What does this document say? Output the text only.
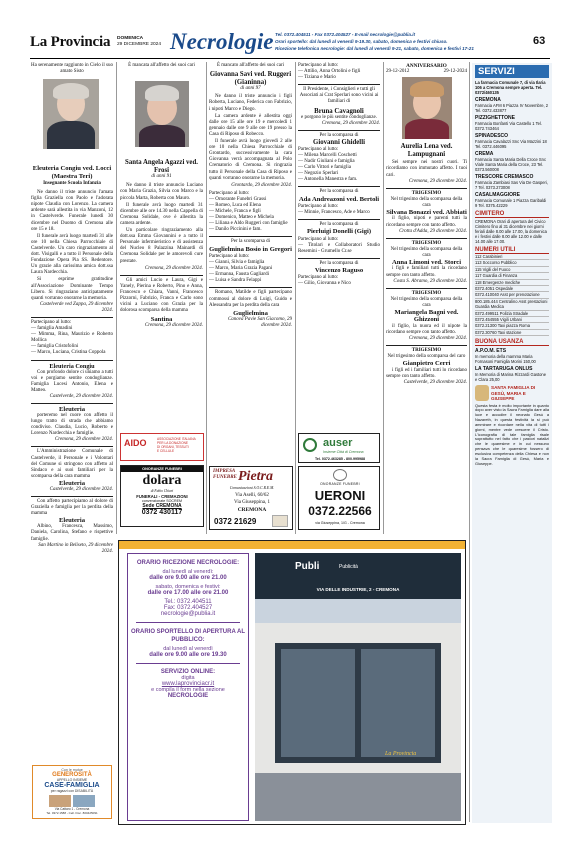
La Provincia DOMENICA
29 DICEMBRE 2024 Necrologie Tel. 0372.404511 - Fax 0372.404527 - E-mail necrologie@publia.it
Orari sportello: dal lunedì al venerdì 9-19.30, sabato, domenica e festivi chiuso.
Ricezione telefonica necrologie: dal lunedì al venerdì 9-21, sabato, domenica e festivi 17-21
63
Ha serenamente raggiunto in Cielo il suo amato Sisto
Eleuteria Congiu ved. Locci (Maestra Teri)
Insegnante Scuola Infanzia
Ne danno il triste annuncio l'amata figlia Graziella con Paolo e l'adorata nipote Claudia con Lorenzo. La camera ardente sarà allestita in via Manzoni, 12 in Castelverde. Funerale lunedì 30 dicembre nel Duomo di Cremona alle ore 15 e 18.
Il funerale avrà luogo martedì 31 alle ore 10 nella Chiesa Parrocchiale di Castelverde. Un caro ringraziamento al dott. Visigalli e a tutto il Personale della Fondazione Opera Pia SS. Redentore. Un grazie alla carissima amica dott.ssa Laura Nardecchia.
Si esprime gratitudine all'Associazione Dominante Tempo Libero. Si ringraziano anticipatamente quanti vorranno onorarne la memoria.
Castelverde ved Zappa, 29 dicembre 2024.
Partecipano al lutto:
— famiglia Amadini
— Mimma, Rina, Maurizio e Roberto Mollica
— famiglia Cristofolini
— Marco, Luciana, Cristina Coppola
Eleuteria Congiu
Con profondo dolore ci uniamo a tutti voi e porgiamo sentite condoglianze. Famiglia Lucesi Antonio, Elena e Matteo.
Castelverde, 29 dicembre 2024.
Eleuteria
porteremo nel cuore con affetto il lungo tratto di strada che abbiamo condiviso. Claudia, Lucio, Roberto e Lorenzo Nardecchia e famiglie.
Cremona, 29 dicembre 2024.
L'Amministrazione Comunale di Castelverde, il Personale e i Volontari del Comune si stringono con affetto al Sindaco e ai suoi familiari per la scomparsa della cara mamma
Eleuteria
Castelverde, 29 dicembre 2024.
Con affetto partecipiamo al dolore di Graziella e famiglia per la perdita della mamma
Eleuteria
Albino, Francesca, Massimo, Daniela, Carolina, Stefano e rispettive famiglie.
San Martino in Beliseto, 29 dicembre 2024.
Con le mutue
GENEROSITÀ
APPELLO INSIEME
CASE-FAMIGLIA
per ragazzi con DISABILITÀ
Via Cattaro 1 - Cremona
Tel. 0372.1588 - Cell. Fisc. 800425091
È mancata all'affetto dei suoi cari
Santa Angela Agazzi ved. Frosi
di anni 91
Ne danno il triste annuncio Luciano con Maria Grazia, Silvia con Marco e la piccola Marta, Roberta con Mauro.
Il funerale avrà luogo martedì 31 dicembre alle ore 14.30 nella Cappella di Cremona Solidale, ove è allestita la camera ardente.
Un particolare ringraziamento alla dott.ssa Emma Giovannini e a tutto il Personale infermieristico e di assistenza del Nucleo 8 Palazzina Mainardi di Cremona Solidale per le amorevoli cure prestate.
Cremona, 29 dicembre 2024.
Gli amici Lucio e Laura, Gigi e Yanely, Pierina e Roberto, Pino e Anna, Francesco e Chiara, Vanni, Francesco Pizzorni, Fabrizio, Franca e Carlo sono vicini a Luciano con Grazia per la dolorosa scomparsa della mamma
Santina
Cremona, 29 dicembre 2024.
AIDO	ASSOCIAZIONE ITALIANA
PER LA DONAZIONE
DI ORGANI, TESSUTI
E CELLULE
ONORANZE FUNEBRI
dolara
di Fabio Chiari
FUNERALI - CREMAZIONI
convenzionate SOCREM
Sede CREMONA
0372 430117
È mancato all'affetto dei suoi cari
Giovanna Savi ved. Ruggeri
(Gianinna)
di anni 97
Ne danno il triste annuncio i figli Roberta, Luciano, Federica con Fabrizio, i nipoti Marco e Diego.
La camera ardente è allestita oggi dalle ore 15 alle ore 19 e mercoledì 1 gennaio dalle ore 9 alle ore 19 presso la Casa di Riposo di Robecco.
Il funerale avrà luogo giovedì 2 alle ore 10 nella Chiesa Parrocchiale di Grontardo, successivamente la cara Giovanna verrà accompagnata al Polo Crematorio di Cremona. Si ringrazia tutto il Personale della Casa di Riposo e quanti vorranno onorarne la memoria.
Grontardo, 29 dicembre 2024.
Partecipano al lutto:
— Ornorante Funebri Grassi
— Romeo, Luca ed Elena
— Michele, Franca e figli
— Domenico, Matteo e Michela
— Liliana e Aldo Ruggeri con famiglie
— Danilo Piccinini e fam.
Per la scomparsa di
Guglielmina Bosio in Gregori
Partecipano al lutto:
— Gianni, Silvia e famiglia
— Marco, Maria Grazia Pagani
— Ermanna, Fausta Gagliardi
— Luisa e Sandra Felappi
Romano, Matilde e figli partecipano commossi al dolore di Luigi, Guido e Alessandra per la perdita della cara
Guglielmina
Canova Pavie San Giacomo, 29 dicembre 2024.
IMPRESA FUNEBRE Pietra
Comunicazioni S.O.C.R.E.M.
Via Aselli, 60/62
Via Giuseppina, 1
CREMONA
0372 21629
Partecipano al lutto:
— Attilio, Anna Ortolini e figli
— Tiziana e Mario
Il Presidente, i Consiglieri e tutti gli Associati ai Crat Sperlari sono vicini ai familiari di
Bruna Cavagnoli
e porgono le più sentite condoglianze.
Cremona, 29 dicembre 2024.
Per la scomparsa di
Giovanni Ghidelli
Partecipano al lutto:
— Milena Marcelli Coschetti
— Nadir Giuliani e famiglia
— Carlo Vittori e famiglia
— Negozio Sperlari
— Antonella Manestra e fam.
Per la scomparsa di
Ada Andreazoni ved. Bertoli
Partecipano al lutto:
— Minnie, Francesco, Ade e Marco
Per la scomparsa di
Pierluigi Donelli (Gigi)
Partecipano al lutto:
— Titolari e Collaboratori Studio Resemini - Grumello Cr.se
Per la scomparsa di
Vincenzo Raguso
Partecipano al lutto:
— Gilio, Giovanna e Nico
auser
Insieme Città di Cremona
Tel. 0372.463285 - 800.995988
ONORANZE FUNEBRI
UERONI
0372.22566
via Giuseppina, 1/G - Cremona
ANNIVERSARIO
29-12-2012	29-12-2024
Aurelia Lena ved. Lampugnani
Sei sempre nei nostri cuori. Ti ricordiamo con immutato affetto. I tuoi cari.
Cremona, 29 dicembre 2024.
TRIGESIMO
Nel trigesimo della scomparsa della cara
Silvana Bonazzi ved. Abbiati
il figlio, nipoti e parenti tutti la ricordano sempre con tanto affetto.
Crotta d'Adda, 29 dicembre 2024.
TRIGESIMO
Nel trigesimo della scomparsa della cara
Anna Limoni ved. Storci
i figli e familiari tutti la ricordano sempre con tanto affetto.
Costa S. Abramo, 29 dicembre 2024.
TRIGESIMO
Nel trigesimo della scomparsa della cara
Mariangela Bagni ved. Ghizzoni
il figlio, la nuora ed il nipote la ricordano sempre con tanto affetto.
Cremona, 29 dicembre 2024.
TRIGESIMO
Nel trigesimo della scomparsa del caro
Gianpietro Cerri
i figli ed i familiari tutti lo ricordano sempre con tanto affetto.
Castelverde, 29 dicembre 2024.
SERVIZI
La farmacia Comunale 7, di via Ilaria 106 a Cremona sempre aperta. Tel. 0372/460135
CREMONA
Farmacia AFM 6 Piazza IV Novembre, 2 Tel. 0372.433877
PIZZIGHETTONE
Farmacia Bonfanti Via Castello 1 Tel. 0372.743464
SPINADESCO
Farmacia Cavalazzi Snc Via Mazzini 18 Tel. 0372.446095
CREMA
Farmacia Santa Maria Della Croce Snc Viale Santa Maria della Croce, 23 Tel. 0373.560008
TRESCORE CREMASCO
Farmacia Zambiasi Sas Via De Gasperi, 7 Tel. 0373.273008
CASALMAGGIORE
Farmacia Comunale 1 Piazza Garibaldi 9 Tel. 0375.42229
CIMITERO
CREMONA Orari di apertura del Civico Cimitero fino al 31 dicembre nei giorni feriali dalle 8.00 alle 17.00, la domenica e i festivi dalle 8.00 alle 12.00 e dalle 14.00 alle 17.00.
NUMERI UTILI
112 Carabinieri
113 Soccorso Pubblico
115 Vigili del Fuoco
117 Guardia di Finanza
118 Emergenze mediche
0372.4051 Ospedale
0372.410040 Asst per prenotazione
800.185.444 Centralino Asst prestazioni Guardia Medica
0372.499511 Polizia Stradale
0372.454555 Vigili Urbani
0372.21300 Taxi piazza Roma
0372.30760 Taxi stazione
BUONA USANZA
A.P.O.M. ETS
In memoria della mamma Maria Fornasoni Famiglia Morini 150,00
LA TARTARUGA ONLUS
In Memoria di Marina Rizzardi Gastone e Clara 25,00
SANTA FAMIGLIA DI GESÙ, MARIA E GIUSEPPE
Questa festa è molto importante in quanto dopo aver visto la Sacra Famiglia dare alla luce e accudire il neonato Gesù a Nazareth, in questa festività la si può ammirare e ricordare nella vita di tutti i giorni, mentre vede crescere il Cristo. L'iconografia di tale famiglia risale soprattutto nel fatto che i pastori natalizi che le quaresime e in cui nessuno pensava che le quaresime fossero di esclusiva competenza della Chiesa e non la Sacra Famiglia di Gesù, Maria e Giuseppe.
ORARIO RICEZIONE NECROLOGIE:
dal lunedì al venerdì:
dalle ore 9.00 alle ore 21.00
sabato, domenica e festivi:
dalle ore 17.00 alle ore 21.00
Tel.: 0372.404511
Fax: 0372.404527
necrologie@publia.it
ORARIO SPORTELLO DI APERTURA AL PUBBLICO:
dal lunedì al venerdì
dalle ore 9.00 alle ore 19.30
SERVIZIO ONLINE:
digita
www.laprovinciacr.it
e compila il form nella sezione
NECROLOGIE
Publi	Publicità
VIA DELLE INDUSTRIE, 2 - CREMONA
La Provincia
